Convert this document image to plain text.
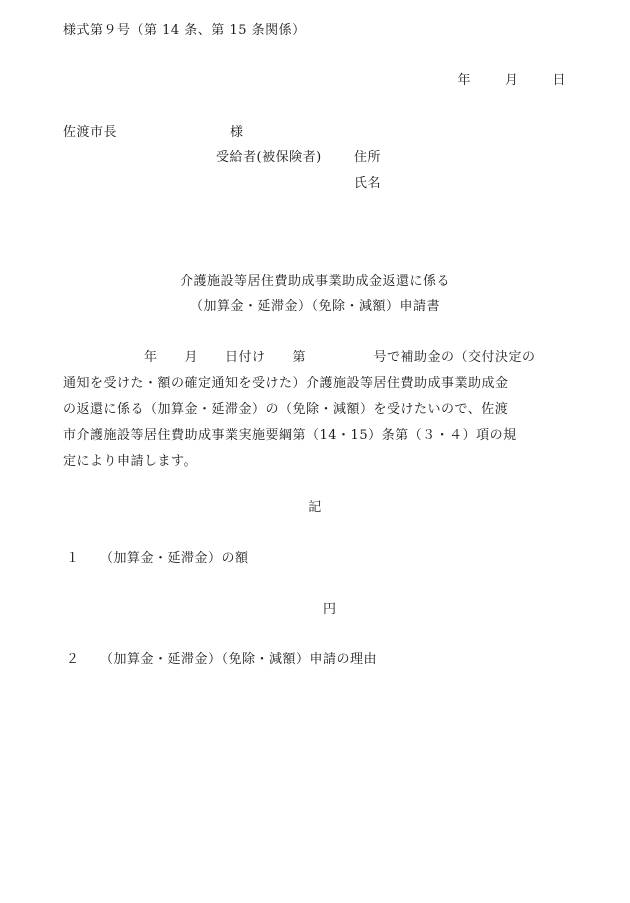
様式第９号（第 14 条、第 15 条関係）
年	月	日
佐渡市長	様
受給者(被保険者) 住所
氏名
介護施設等居住費助成事業助成金返還に係る
（加算金・延滞金）（免除・減額）申請書
　　　　　　年　　月　　日付け　　第　　　　　号で補助金の（交付決定の
通知を受けた・額の確定通知を受けた）介護施設等居住費助成事業助成金
の返還に係る（加算金・延滞金）の（免除・減額）を受けたいので、佐渡
市介護施設等居住費助成事業実施要綱第（14・15）条第（３・４）項の規
定により申請します。
記
１ （加算金・延滞金）の額
円
２ （加算金・延滞金）（免除・減額）申請の理由
